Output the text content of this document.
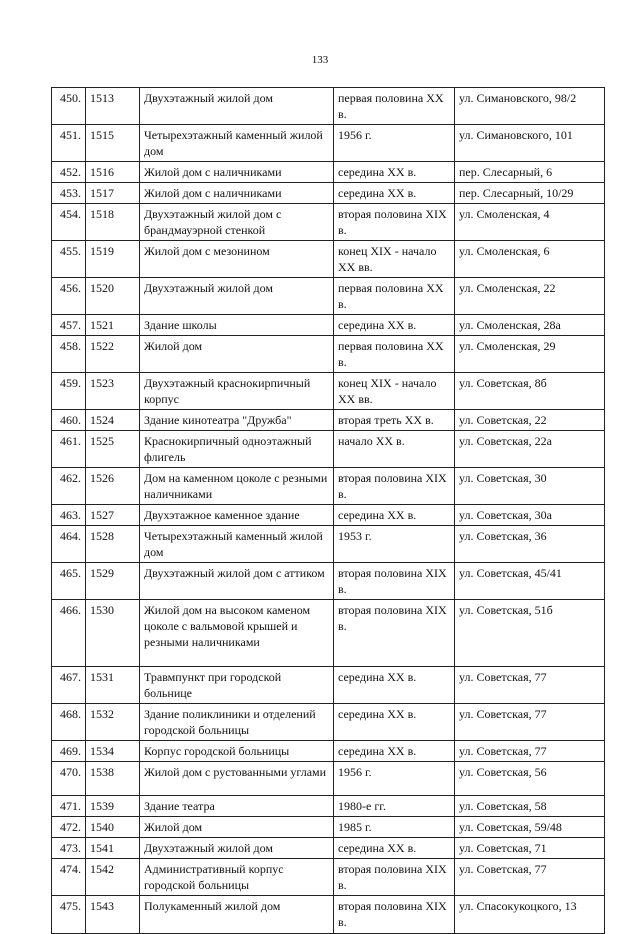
133
450.	1513	Двухэтажный жилой дом	первая половина XX в.	ул. Симановского, 98/2
451.	1515	Четырехэтажный каменный жилой дом	1956 г.	ул. Симановского, 101
452.	1516	Жилой дом с наличниками	середина XX в.	пер. Слесарный, 6
453.	1517	Жилой дом с наличниками	середина XX в.	пер. Слесарный, 10/29
454.	1518	Двухэтажный жилой дом с брандмауэрной стенкой	вторая половина XIX в.	ул. Смоленская, 4
455.	1519	Жилой дом с мезонином	конец XIX - начало XX вв.	ул. Смоленская, 6
456.	1520	Двухэтажный жилой дом	первая половина XX в.	ул. Смоленская, 22
457.	1521	Здание школы	середина XX в.	ул. Смоленская, 28а
458.	1522	Жилой дом	первая половина XX в.	ул. Смоленская, 29
459.	1523	Двухэтажный краснокирпичный корпус	конец XIX - начало XX вв.	ул. Советская, 8б
460.	1524	Здание кинотеатра "Дружба"	вторая треть XX в.	ул. Советская, 22
461.	1525	Краснокирпичный одноэтажный флигель	начало XX в.	ул. Советская, 22а
462.	1526	Дом на каменном цоколе с резными наличниками	вторая половина XIX в.	ул. Советская, 30
463.	1527	Двухэтажное каменное здание	середина XX в.	ул. Советская, 30а
464.	1528	Четырехэтажный каменный жилой дом	1953 г.	ул. Советская, 36
465.	1529	Двухэтажный жилой дом с аттиком	вторая половина XIX в.	ул. Советская, 45/41
466.	1530	Жилой дом на высоком каменом цоколе с вальмовой крышей и резными наличниками	вторая половина XIX в.	ул. Советская, 51б
467.	1531	Травмпункт при городской больнице	середина XX в.	ул. Советская, 77
468.	1532	Здание поликлиники и отделений городской больницы	середина XX в.	ул. Советская, 77
469.	1534	Корпус городской больницы	середина XX в.	ул. Советская, 77
470.	1538	Жилой дом с рустованными углами	1956 г.	ул. Советская, 56
471.	1539	Здание театра	1980-е гг.	ул. Советская, 58
472.	1540	Жилой дом	1985 г.	ул. Советская, 59/48
473.	1541	Двухэтажный жилой дом	середина XX в.	ул. Советская, 71
474.	1542	Административный корпус городской больницы	вторая половина XIX в.	ул. Советская, 77
475.	1543	Полукаменный жилой дом	вторая половина XIX в.	ул. Спасокукоцкого, 13
